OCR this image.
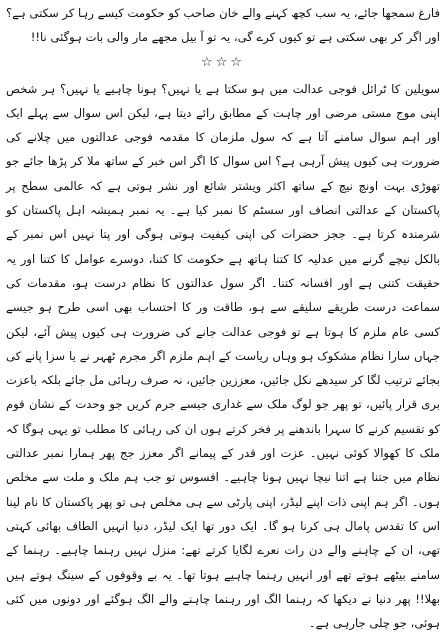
فارغ سمجھا جائے، یہ سب کچھ کہنے والے خان صاحب کو حکومت کیسے رہا کر سکتی ہے؟ اور اگر کر بھی سکتی ہے تو کیوں کرے گی، یہ تو آ بیل مجھے مار والی بات ہوگئی نا!!

☆☆☆

سویلین کا ٹرائل فوجی عدالت میں ہو سکتا ہے یا نہیں؟ ہونا چاہیے یا نہیں؟ ہر شخص اپنی موج مستی مرضی اور چاہت کے مطابق رائے دیتا ہے، لیکن اس سوال سے پہلے ایک اور اہم سوال سامنے آتا ہے کہ سول ملزمان کا مقدمہ فوجی عدالتوں میں چلانے کی ضرورت ہی کیوں پیش آرہی ہے؟ اس سوال کا اگر اس خبر کے ساتھ ملا کر پڑھا جائے جو تھوڑی بہت اونچ نیچ کے ساتھ اکثر ویشتر شائع اور نشر ہوتی ہے کہ عالمی سطح پر پاکستان کے عدالتی انصاف اور سسٹم کا نمبر کیا ہے۔ یہ نمبر ہمیشہ اہل پاکستان کو شرمندہ کرتا ہے۔ ججز حضرات کی اپنی کیفیت ہوتی ہوگی اور پتا نہیں اس نمبر کے بالکل نیچے گرنے میں عدلیہ کا کتنا ہاتھ ہے حکومت کا کتنا، دوسرے عوامل کا کتنا اور یہ حقیقت کتنی ہے اور افسانہ کتنا۔ اگر سول عدالتوں کا نظام درست ہو، مقدمات کی سماعت درست طریقے سلیقے سے ہو، طاقت ور کا احتساب بھی اسی طرح ہو جیسے کسی عام ملزم کا ہوتا ہے تو فوجی عدالت جانے کی ضرورت ہی کیوں پیش آئے، لیکن جہاں سارا نظام مشکوک ہو وہاں ریاست کے اہم ملزم اگر مجرم ٹھہر نے یا سزا پانے کی بجائے ترتیب لگا کر سیدھے نکل جائیں، معززین جائیں، نہ صرف رہائی مل جائے بلکہ باعزت بری قرار پائیں، تو پھر جو لوگ ملک سے غداری جیسے جرم کریں جو وحدت کے نشان قوم کو تقسیم کرنے کا سہرا باندھنے پر فخر کرتے ہوں ان کی رہائی کا مطلب تو یہی ہوگا کہ ملک کا کھوالا کوئی نہیں۔ عزت اور قدر کے پیمانے اگر معزز جج پھر ہمارا نمبر عدالتی نظام میں جتنا ہے اتنا نیچا نہیں ہونا چاہیے۔ افسوس تو جب ہم ملک و ملت سے مخلص ہوں۔ اگر ہم اپنی ذات اپنے لیڈر، اپنی پارٹی سے ہی مخلص ہی تو پھر پاکستان کا نام لینا اس کا تقدس پامال ہی کرنا ہو گا۔ ایک دور تھا ایک لیڈر، دنیا انہیں الطاف بھائی کہتی تھی، ان کے چاہنے والے دن رات نعرے لگایا کرتے تھے: منزل نہیں رہنما چاہیے۔ رہنما کے سامنے بیٹھے ہوتے تھے اور انہیں رہنما چاہیے ہوتا تھا۔ یہ بے وقوفوں کے سینگ ہوتے ہیں بھلا!! پھر دنیا نے دیکھا کہ رہنما الگ اور رہنما چاہنے والے الگ ہوگئے اور دونوں میں کئی ہوئی، جو چلی جارہی ہے۔
